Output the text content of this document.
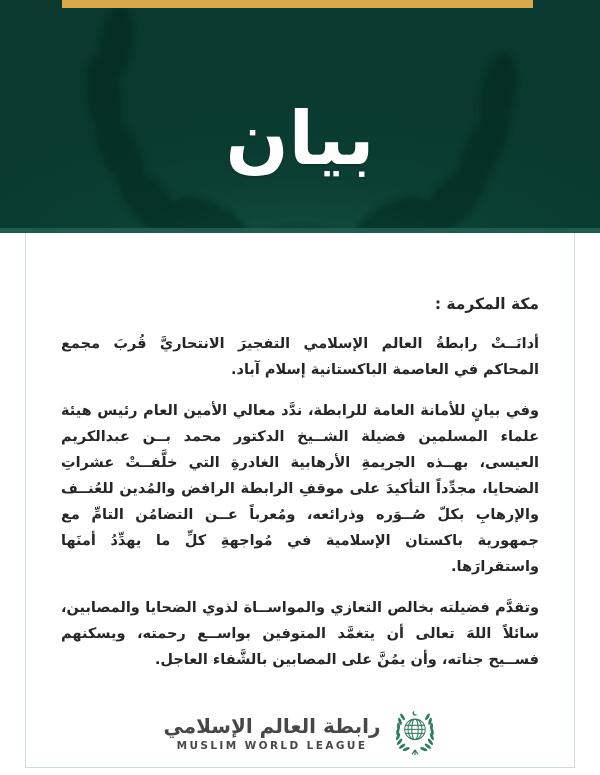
بيان

مكة المكرمة :

أدانَــتْ رابطةُ العالم الإسلامي التفجيرَ الانتحاريَّ قُربَ مجمع المحاكم في العاصمة الباكستانية إسلام آباد.

وفي بيانٍ للأمانة العامة للرابطة، ندَّد معالي الأمين العام رئيس هيئة علماء المسلمين فضيلة الشــيخ الدكتور محمد بــن عبدالكريم العيسى، بهــذه الجريمةِ الأرهابية الغادرةِ التي خلَّفــتْ عشراتِ الضحايا، مجدِّداً التأكيدَ على موقفِ الرابطة الرافض والمُدين للعُنــف والإرهابِ بكلّ صُــوَره وذرائعه، ومُعرباً عــن التضامُن التامِّ مع جمهورية باكستان الإسلامية في مُواجهةِ كلِّ ما يهدِّدُ أمنَها واستقرارَها.

وتقدَّم فضيلته بخالص التعازي والمواســاة لذوي الضحايا والمصابين، سائلاً اللهَ تعالى أن يتغمَّد المتوفين بواســع رحمته، ويسكنهم فســيح جناته، وأن يمُنَّ على المصابين بالشَّفاء العاجل.

رابطة العالم الإسلامي
MUSLIM WORLD LEAGUE
